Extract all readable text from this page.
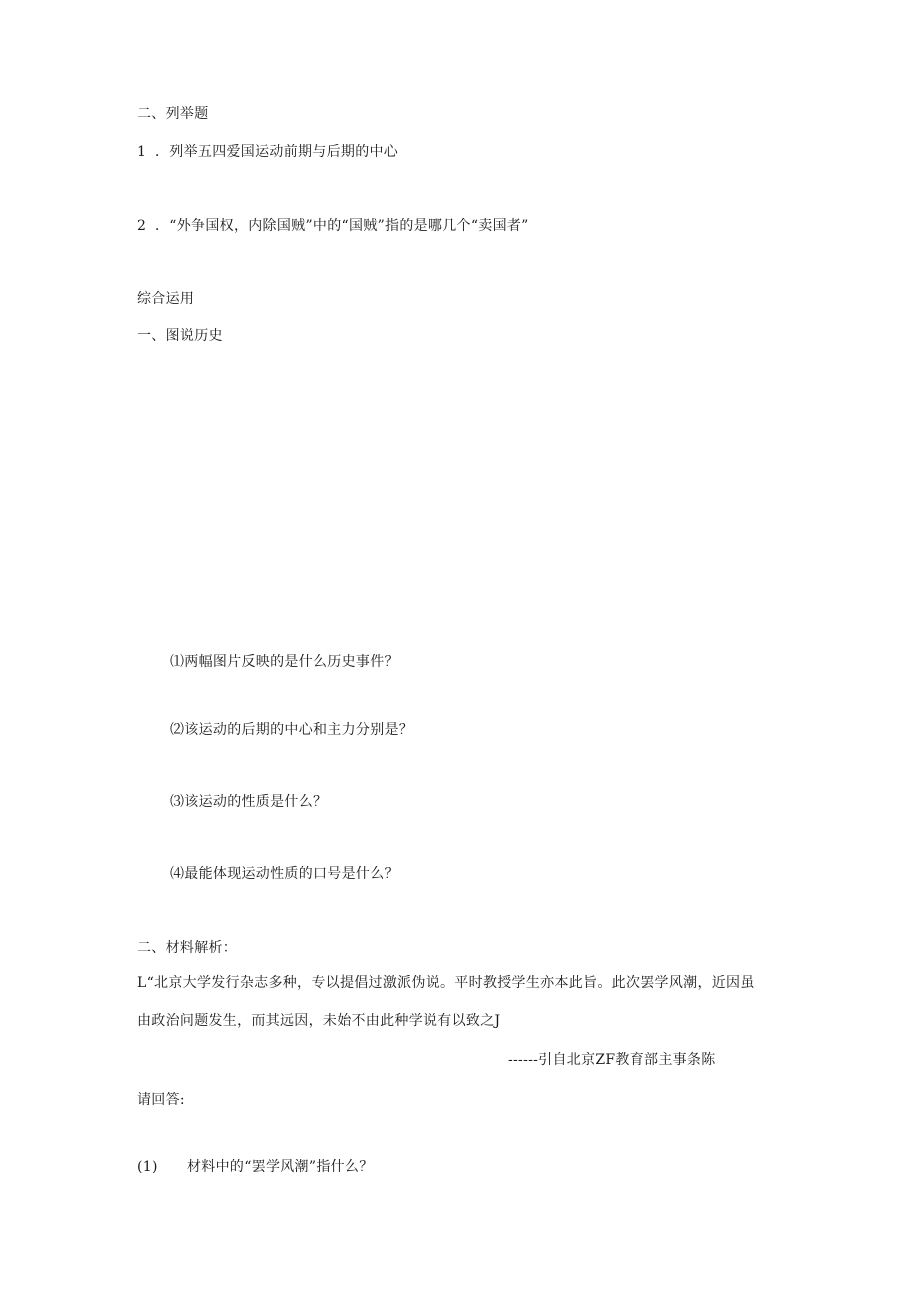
二、列举题
1 ．列举五四爱国运动前期与后期的中心
2 ．“外争国权，内除国贼”中的“国贼”指的是哪几个“卖国者”
综合运用
一、图说历史
⑴两幅图片反映的是什么历史事件？
⑵该运动的后期的中心和主力分别是？
⑶该运动的性质是什么？
⑷最能体现运动性质的口号是什么？
二、材料解析：
L“北京大学发行杂志多种，专以提倡过激派伪说。平时教授学生亦本此旨。此次罢学风潮，近因虽
由政治问题发生，而其远因，未始不由此种学说有以致之J
------引自北京ZF教育部主事条陈
请回答:
(1) 材料中的“罢学风潮”指什么？
